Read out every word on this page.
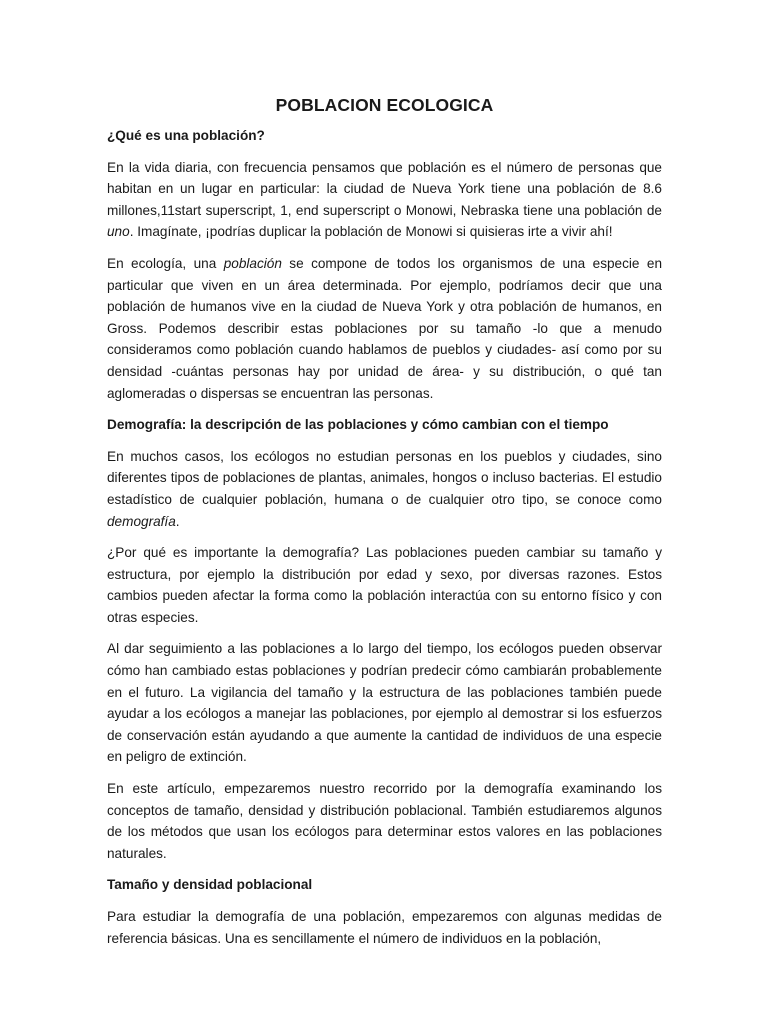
POBLACION ECOLOGICA
¿Qué es una población?

En la vida diaria, con frecuencia pensamos que población es el número de personas que habitan en un lugar en particular: la ciudad de Nueva York tiene una población de 8.6 millones,11start superscript, 1, end superscript o Monowi, Nebraska tiene una población de uno. Imagínate, ¡podrías duplicar la población de Monowi si quisieras irte a vivir ahí!

En ecología, una población se compone de todos los organismos de una especie en particular que viven en un área determinada. Por ejemplo, podríamos decir que una población de humanos vive en la ciudad de Nueva York y otra población de humanos, en Gross. Podemos describir estas poblaciones por su tamaño -lo que a menudo consideramos como población cuando hablamos de pueblos y ciudades- así como por su densidad -cuántas personas hay por unidad de área- y su distribución, o qué tan aglomeradas o dispersas se encuentran las personas.

Demografía: la descripción de las poblaciones y cómo cambian con el tiempo

En muchos casos, los ecólogos no estudian personas en los pueblos y ciudades, sino diferentes tipos de poblaciones de plantas, animales, hongos o incluso bacterias. El estudio estadístico de cualquier población, humana o de cualquier otro tipo, se conoce como demografía.

¿Por qué es importante la demografía? Las poblaciones pueden cambiar su tamaño y estructura, por ejemplo la distribución por edad y sexo, por diversas razones. Estos cambios pueden afectar la forma como la población interactúa con su entorno físico y con otras especies.

Al dar seguimiento a las poblaciones a lo largo del tiempo, los ecólogos pueden observar cómo han cambiado estas poblaciones y podrían predecir cómo cambiarán probablemente en el futuro. La vigilancia del tamaño y la estructura de las poblaciones también puede ayudar a los ecólogos a manejar las poblaciones, por ejemplo al demostrar si los esfuerzos de conservación están ayudando a que aumente la cantidad de individuos de una especie en peligro de extinción.

En este artículo, empezaremos nuestro recorrido por la demografía examinando los conceptos de tamaño, densidad y distribución poblacional. También estudiaremos algunos de los métodos que usan los ecólogos para determinar estos valores en las poblaciones naturales.

Tamaño y densidad poblacional

Para estudiar la demografía de una población, empezaremos con algunas medidas de referencia básicas. Una es sencillamente el número de individuos en la población,
